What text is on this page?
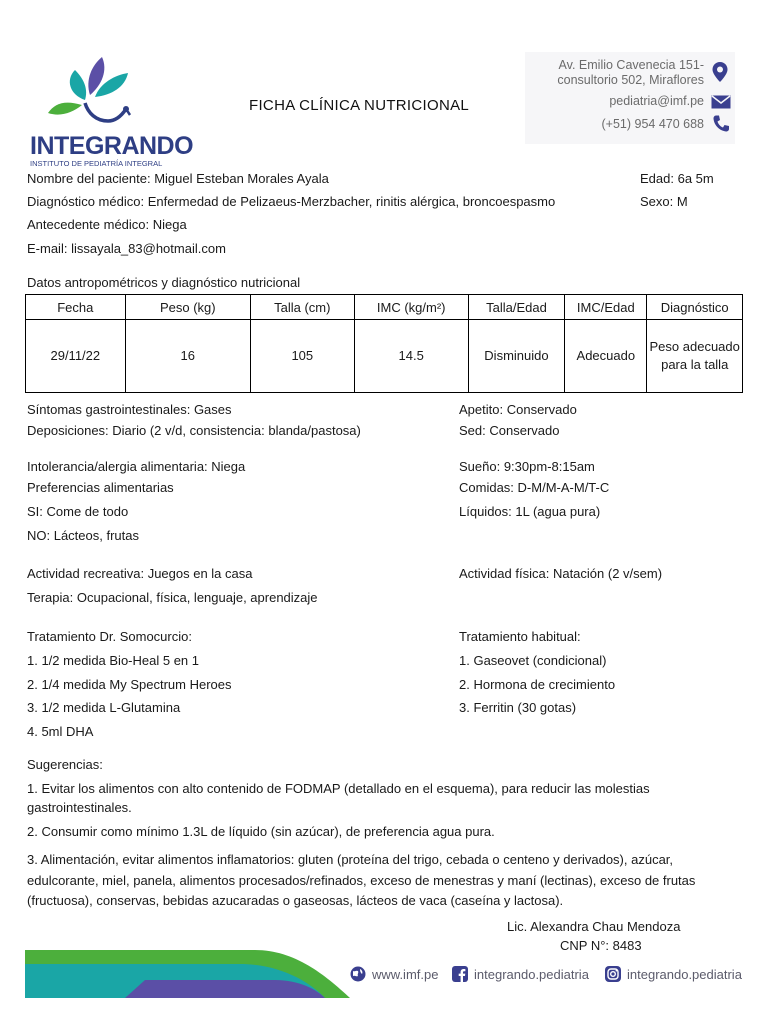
INTEGRANDO
INSTITUTO DE PEDIATRÍA INTEGRAL
FICHA CLÍNICA NUTRICIONAL
Av. Emilio Cavenecia 151-
consultorio 502, Miraflores
pediatria@imf.pe
(+51) 954 470 688
Nombre del paciente: Miguel Esteban Morales Ayala	Edad: 6a 5m
Diagnóstico médico: Enfermedad de Pelizaeus-Merzbacher, rinitis alérgica, broncoespasmo	Sexo: M
Antecedente médico: Niega
E-mail: lissayala_83@hotmail.com
Datos antropométricos y diagnóstico nutricional
Fecha	Peso (kg)	Talla (cm)	IMC (kg/m²)	Talla/Edad	IMC/Edad	Diagnóstico
29/11/22	16	105	14.5	Disminuido	Adecuado	Peso adecuado para la talla
Síntomas gastrointestinales: Gases	Apetito: Conservado
Deposiciones: Diario (2 v/d, consistencia: blanda/pastosa)	Sed: Conservado
Intolerancia/alergia alimentaria: Niega	Sueño: 9:30pm-8:15am
Preferencias alimentarias	Comidas: D-M/M-A-M/T-C
SI: Come de todo	Líquidos: 1L (agua pura)
NO: Lácteos, frutas
Actividad recreativa: Juegos en la casa	Actividad física: Natación (2 v/sem)
Terapia: Ocupacional, física, lenguaje, aprendizaje
Tratamiento Dr. Somocurcio:
1. 1/2 medida Bio-Heal 5 en 1
2. 1/4 medida My Spectrum Heroes
3. 1/2 medida L-Glutamina
4. 5ml DHA
Tratamiento habitual:
1. Gaseovet (condicional)
2. Hormona de crecimiento
3. Ferritin (30 gotas)
Sugerencias:
1. Evitar los alimentos con alto contenido de FODMAP (detallado en el esquema), para reducir las molestias gastrointestinales.
2. Consumir como mínimo 1.3L de líquido (sin azúcar), de preferencia agua pura.
3. Alimentación, evitar alimentos inflamatorios: gluten (proteína del trigo, cebada o centeno y derivados), azúcar, edulcorante, miel, panela, alimentos procesados/refinados, exceso de menestras y maní (lectinas), exceso de frutas (fructuosa), conservas, bebidas azucaradas o gaseosas, lácteos de vaca (caseína y lactosa).
Lic. Alexandra Chau Mendoza
CNP N°: 8483
www.imf.pe	integrando.pediatria	integrando.pediatria
